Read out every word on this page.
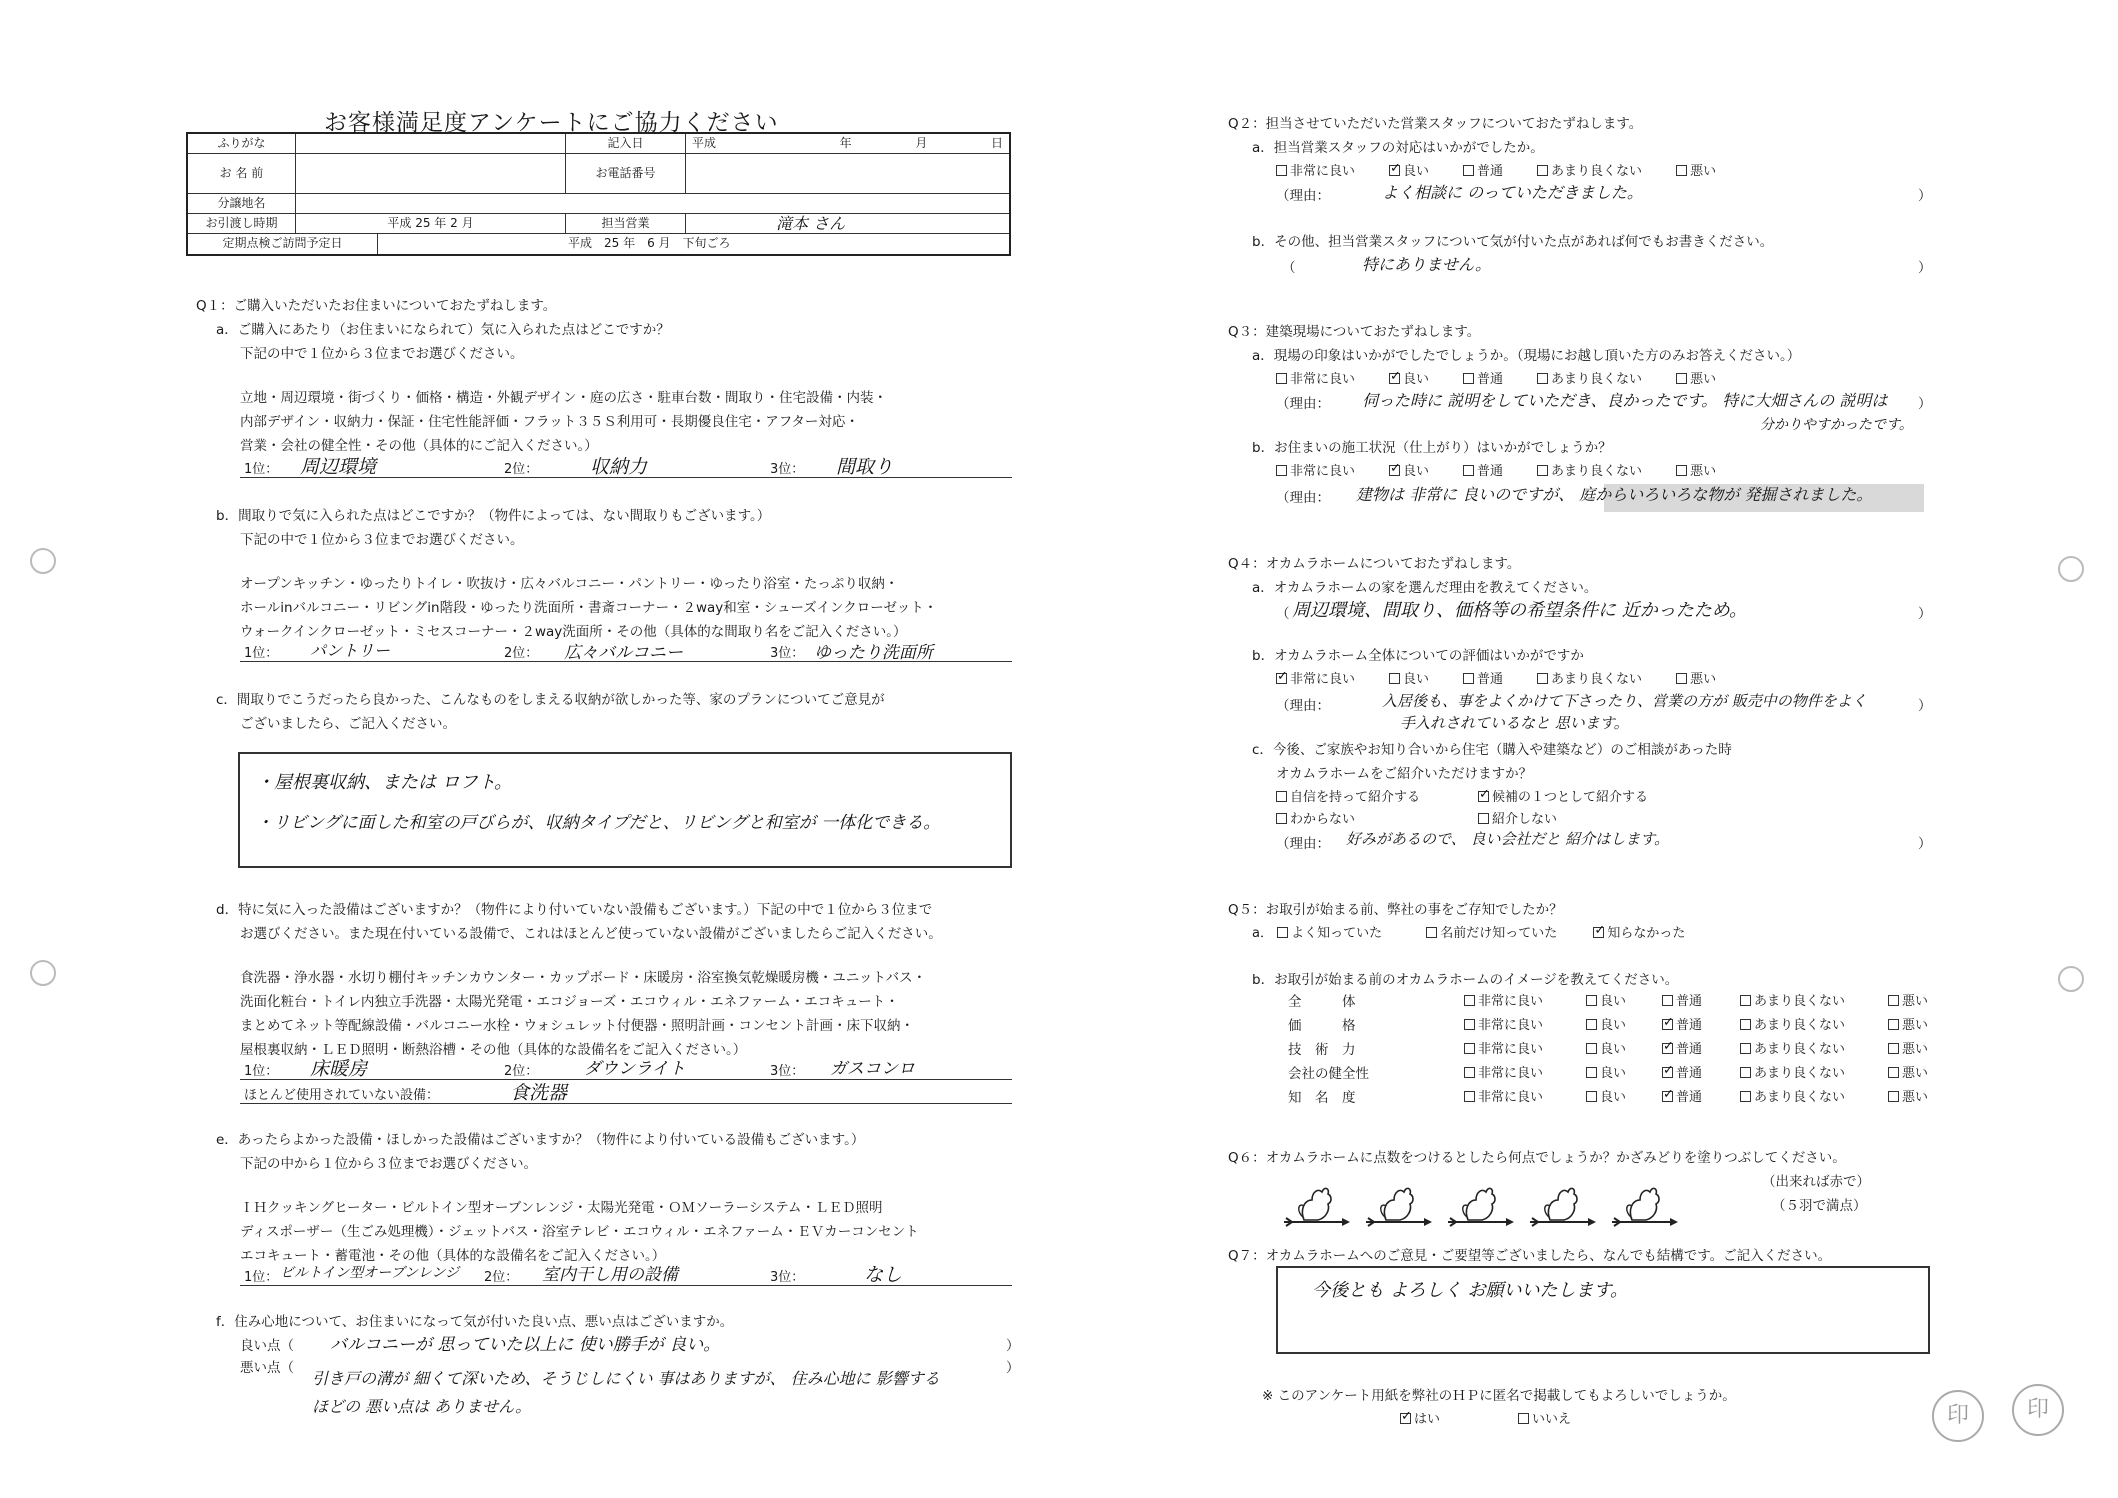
お客様満足度アンケートにご協力ください
ふりがな	記入日	平成	年	月	日
お 名 前	お電話番号
分譲地名
お引渡し時期	平成 25 年 2 月	担当営業	滝本 さん
定期点検ご訪問予定日	平成　25 年　6 月　下旬ごろ
Q１：ご購入いただいたお住まいについておたずねします。
a．ご購入にあたり（お住まいになられて）気に入られた点はどこですか？
下記の中で１位から３位までお選びください。
立地・周辺環境・街づくり・価格・構造・外観デザイン・庭の広さ・駐車台数・間取り・住宅設備・内装・
内部デザイン・収納力・保証・住宅性能評価・フラット３５Ｓ利用可・長期優良住宅・アフター対応・
営業・会社の健全性・その他（具体的にご記入ください。）
1位： 周辺環境	2位：	収納力	3位： 間取り
b．間取りで気に入られた点はどこですか？（物件によっては、ない間取りもございます。）
下記の中で１位から３位までお選びください。
オープンキッチン・ゆったりトイレ・吹抜け・広々バルコニー・パントリー・ゆったり浴室・たっぷり収納・
ホールinバルコニー・リビングin階段・ゆったり洗面所・書斎コーナー・２way和室・シューズインクローゼット・
ウォークインクローゼット・ミセスコーナー・２way洗面所・その他（具体的な間取り名をご記入ください。）
1位： パントリー	2位： 広々バルコニー	3位： ゆったり洗面所
c．間取りでこうだったら良かった、こんなものをしまえる収納が欲しかった等、家のプランについてご意見が
ございましたら、ご記入ください。
・屋根裏収納、または ロフト。
・リビングに面した和室の戸びらが、収納タイプだと、リビングと和室が 一体化できる。
d．特に気に入った設備はございますか？（物件により付いていない設備もございます。）下記の中で１位から３位まで
お選びください。また現在付いている設備で、これはほとんど使っていない設備がございましたらご記入ください。
食洗器・浄水器・水切り棚付キッチンカウンター・カップボード・床暖房・浴室換気乾燥暖房機・ユニットバス・
洗面化粧台・トイレ内独立手洗器・太陽光発電・エコジョーズ・エコウィル・エネファーム・エコキュート・
まとめてネット等配線設備・バルコニー水栓・ウォシュレット付便器・照明計画・コンセント計画・床下収納・
屋根裏収納・ＬＥＤ照明・断熱浴槽・その他（具体的な設備名をご記入ください。）
1位： 床暖房	2位：	ダウンライト	3位： ガスコンロ
ほとんど使用されていない設備：	食洗器
e．あったらよかった設備・ほしかった設備はございますか？（物件により付いている設備もございます。）
下記の中から１位から３位までお選びください。
ＩＨクッキングヒーター・ビルトイン型オーブンレンジ・太陽光発電・ＯＭソーラーシステム・ＬＥＤ照明
ディスポーザー（生ごみ処理機）・ジェットバス・浴室テレビ・エコウィル・エネファーム・ＥＶカーコンセント
エコキュート・蓄電池・その他（具体的な設備名をご記入ください。）
1位： ビルトイン型オーブンレンジ 2位： 室内干し用の設備	3位：	なし
f．住み心地について、お住まいになって気が付いた良い点、悪い点はございますか。
良い点（ バルコニーが 思っていた以上に 使い勝手が 良い。	）
悪い点（
引き戸の溝が 細くて深いため、そうじしにくい 事はありますが、 住み心地に 影響する
）
ほどの 悪い点は ありません。
Q２：担当させていただいた営業スタッフについておたずねします。
a．担当営業スタッフの対応はいかがでしたか。
非常に良い ✓	良い	普通	あまり良くない	悪い
（理由：	よく相談に のっていただきました。	）
b．その他、担当営業スタッフについて気が付いた点があれば何でもお書きください。
（	特にありません。	）
Q３：建築現場についておたずねします。
a．現場の印象はいかがでしたでしょうか。（現場にお越し頂いた方のみお答えください。）
非常に良い ✓	良い	普通	あまり良くない	悪い
（理由： 伺った時に 説明をしていただき、良かったです。 特に大畑さんの 説明は ）
分かりやすかったです。
b．お住まいの施工状況（仕上がり）はいかがでしょうか？
非常に良い ✓	良い	普通	あまり良くない	悪い
（理由： 建物は 非常に 良いのですが、 庭からいろいろな物が 発掘されました。
Q４：オカムラホームについておたずねします。
a．オカムラホームの家を選んだ理由を教えてください。
（ 周辺環境、間取り、価格等の希望条件に 近かったため。	）
b．オカムラホーム全体についての評価はいかがですか
✓非常に良い	良い	普通	あまり良くない	悪い
（理由：	入居後も、事をよくかけて下さったり、営業の方が 販売中の物件をよく	）
手入れされているなと 思います。
c．今後、ご家族やお知り合いから住宅（購入や建築など）のご相談があった時
オカムラホームをご紹介いただけますか？
自信を持って紹介する ✓	候補の１つとして紹介する
わからない	紹介しない
（理由： 好みがあるので、 良い会社だと 紹介はします。	）
Q５：お取引が始まる前、弊社の事をご存知でしたか？
a． よく知っていた	名前だけ知っていた ✓	知らなかった
b．お取引が始まる前のオカムラホームのイメージを教えてください。
全　　　体	非常に良い	良い	普通	あまり良くない	悪い
価　　　格	非常に良い	良い ✓	普通	あまり良くない	悪い
技　術　力	非常に良い	良い ✓	普通	あまり良くない	悪い
会社の健全性	非常に良い	良い ✓	普通	あまり良くない	悪い
知　名　度	非常に良い	良い ✓	普通	あまり良くない	悪い
Q６：オカムラホームに点数をつけるとしたら何点でしょうか？かざみどりを塗りつぶしてください。
（出来れば赤で）
（５羽で満点）
Q７：オカムラホームへのご意見・ご要望等ございましたら、なんでも結構です。ご記入ください。
今後とも よろしく お願いいたします。
※ このアンケート用紙を弊社のＨＰに匿名で掲載してもよろしいでしょうか。
✓はい	いいえ	印	印
